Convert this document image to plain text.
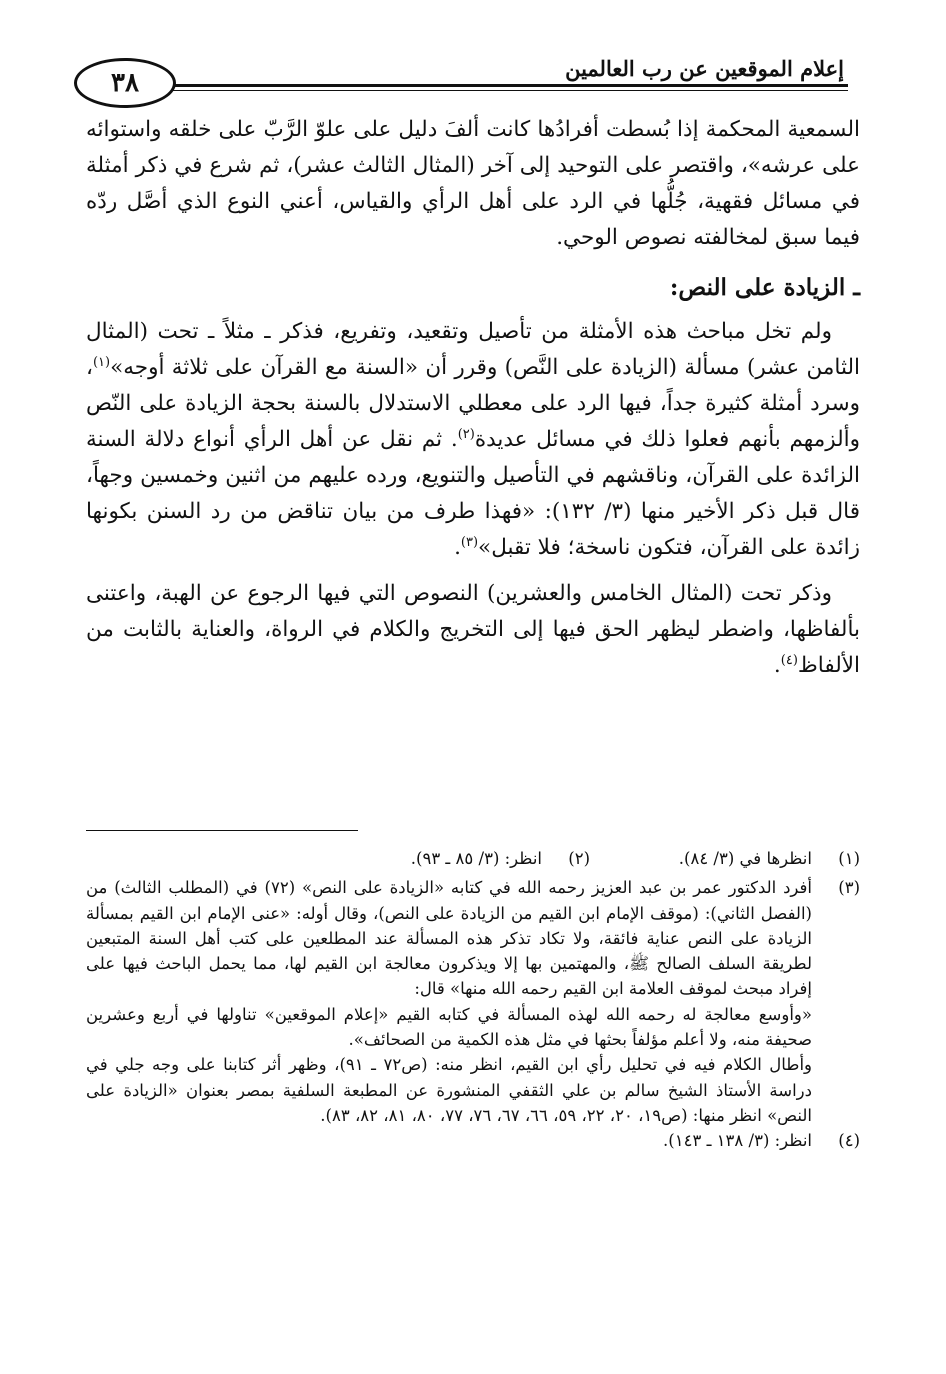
إعلام الموقعين عن رب العالمين
٣٨

السمعية المحكمة إذا بُسطت أفرادُها كانت ألفَ دليل على علوّ الرَّبّ على خلقه واستوائه على عرشه»، واقتصر على التوحيد إلى آخر (المثال الثالث عشر)، ثم شرع في ذكر أمثلة في مسائل فقهية، جُلُّها في الرد على أهل الرأي والقياس، أعني النوع الذي أصَّل ردّه فيما سبق لمخالفته نصوص الوحي.

ـ الزيادة على النص:

ولم تخل مباحث هذه الأمثلة من تأصيل وتقعيد، وتفريع، فذكر ـ مثلاً ـ تحت (المثال الثامن عشر) مسألة (الزيادة على النَّص) وقرر أن «السنة مع القرآن على ثلاثة أوجه»$^{(١)}$، وسرد أمثلة كثيرة جداً، فيها الرد على معطلي الاستدلال بالسنة بحجة الزيادة على النّص وألزمهم بأنهم فعلوا ذلك في مسائل عديدة$^{(٢)}$. ثم نقل عن أهل الرأي أنواع دلالة السنة الزائدة على القرآن، وناقشهم في التأصيل والتنويع، ورده عليهم من اثنين وخمسين وجهاً، قال قبل ذكر الأخير منها (٣/ ١٣٢): «فهذا طرف من بيان تناقض من رد السنن بكونها زائدة على القرآن، فتكون ناسخة؛ فلا تقبل»$^{(٣)}$.

وذكر تحت (المثال الخامس والعشرين) النصوص التي فيها الرجوع عن الهبة، واعتنى بألفاظها، واضطر ليظهر الحق فيها إلى التخريج والكلام في الرواة، والعناية بالثابت من الألفاظ$^{(٤)}$.

(١)
انظرها في (٣/ ٨٤).
(٢)
انظر: (٣/ ٨٥ ـ ٩٣).
(٣)

أفرد الدكتور عمر بن عبد العزيز رحمه الله في كتابه «الزيادة على النص» (٧٢) في (المطلب الثالث) من (الفصل الثاني): (موقف الإمام ابن القيم من الزيادة على النص)، وقال أوله: «عنى الإمام ابن القيم بمسألة الزيادة على النص عناية فائقة، ولا تكاد تذكر هذه المسألة عند المطلعين على كتب أهل السنة المتبعين لطريقة السلف الصالح ﷺ، والمهتمين بها إلا ويذكرون معالجة ابن القيم لها، مما يحمل الباحث فيها على إفراد مبحث لموقف العلامة ابن القيم رحمه الله منها» قال:

«وأوسع معالجة له رحمه الله لهذه المسألة في كتابه القيم «إعلام الموقعين» تناولها في أربع وعشرين صحيفة منه، ولا أعلم مؤلفاً بحثها في مثل هذه الكمية من الصحائف».

وأطال الكلام فيه في تحليل رأي ابن القيم، انظر منه: (ص٧٢ ـ ٩١)، وظهر أثر كتابنا على وجه جلي في دراسة الأستاذ الشيخ سالم بن علي الثقفي المنشورة عن المطبعة السلفية بمصر بعنوان «الزيادة على النص» انظر منها: (ص١٩، ٢٠، ٢٢، ٥٩، ٦٦، ٦٧، ٧٦، ٧٧، ٨٠، ٨١، ٨٢، ٨٣).

(٤)
انظر: (٣/ ١٣٨ ـ ١٤٣).
